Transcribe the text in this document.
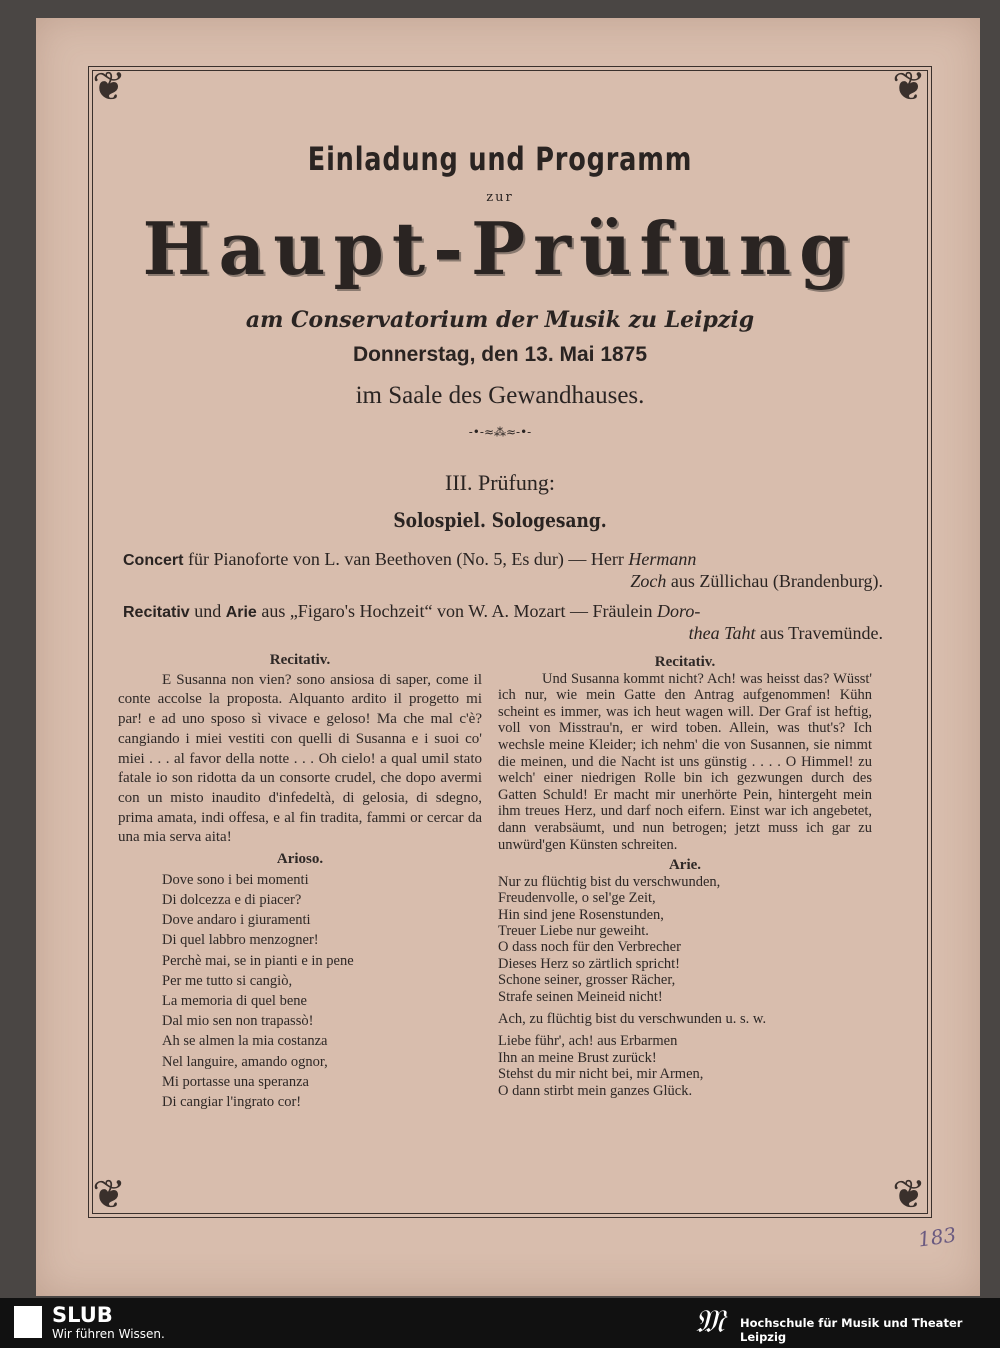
❦	❦
❦	❦
Einladung und Programm
zur
Haupt-Prüfung
am Conservatorium der Musik zu Leipzig
Donnerstag, den 13. Mai 1875
im Saale des Gewandhauses.
-•-≈⁂≈-•-
III. Prüfung:
Solospiel. Sologesang.
Concert für Pianoforte von L. van Beethoven (No. 5, Es dur) — Herr Hermann
Zoch aus Züllichau (Brandenburg).
Recitativ und Arie aus „Figaro's Hochzeit“ von W. A. Mozart — Fräulein Doro-
thea Taht aus Travemünde.
Recitativ.
E Susanna non vien? sono ansiosa di saper, come il conte accolse la proposta. Alquanto ardito il progetto mi par! e ad uno sposo sì vivace e geloso! Ma che mal c'è? cangiando i miei vestiti con quelli di Susanna e i suoi co' miei . . . al favor della notte . . . Oh cielo! a qual umil stato fatale io son ridotta da un consorte crudel, che dopo avermi con un misto inaudito d'infedeltà, di gelosia, di sdegno, prima amata, indi offesa, e al fin tradita, fammi or cercar da una mia serva aita!
Arioso.
Dove sono i bei momenti
Di dolcezza e di piacer?
Dove andaro i giuramenti
Di quel labbro menzogner!
Perchè mai, se in pianti e in pene
Per me tutto si cangiò,
La memoria di quel bene
Dal mio sen non trapassò!
Ah se almen la mia costanza
Nel languire, amando ognor,
Mi portasse una speranza
Di cangiar l'ingrato cor!
Recitativ.
Und Susanna kommt nicht? Ach! was heisst das? Wüsst' ich nur, wie mein Gatte den Antrag aufgenommen! Kühn scheint es immer, was ich heut wagen will. Der Graf ist heftig, voll von Misstrau'n, er wird toben. Allein, was thut's? Ich wechsle meine Kleider; ich nehm' die von Susannen, sie nimmt die meinen, und die Nacht ist uns günstig . . . . O Himmel! zu welch' einer niedrigen Rolle bin ich gezwungen durch des Gatten Schuld! Er macht mir unerhörte Pein, hintergeht mein ihm treues Herz, und darf noch eifern. Einst war ich angebetet, dann verabsäumt, und nun betrogen; jetzt muss ich gar zu unwürd'gen Künsten schreiten.
Arie.
Nur zu flüchtig bist du verschwunden,
Freudenvolle, o sel'ge Zeit,
Hin sind jene Rosenstunden,
Treuer Liebe nur geweiht.
O dass noch für den Verbrecher
Dieses Herz so zärtlich spricht!
Schone seiner, grosser Rächer,
Strafe seinen Meineid nicht!
Ach, zu flüchtig bist du verschwunden u. s. w.
Liebe führ', ach! aus Erbarmen
Ihn an meine Brust zurück!
Stehst du mir nicht bei, mir Armen,
O dann stirbt mein ganzes Glück.
183
SLUB
Wir führen Wissen.	𝔐 Hochschule für Musik und Theater Leipzig
